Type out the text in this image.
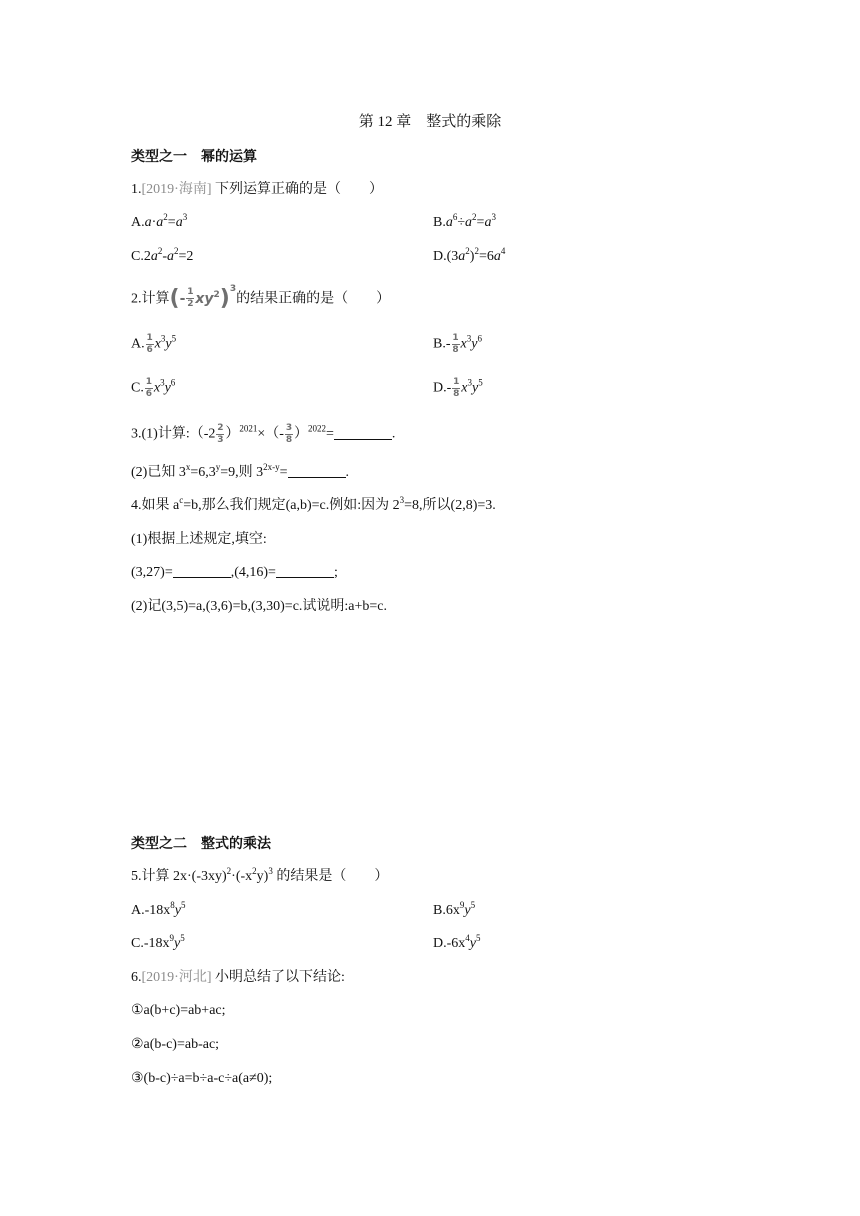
第 12 章　整式的乘除
类型之一　幂的运算
1.[2019·海南] 下列运算正确的是（　　）
$A.a\cdot a^2=a^3$	$B.a^6\div a^2=a^3$
$C.2a^2-a^2=2$	$D.(3a^2)^2=6a^4$
2.计算(- $\frac{1}{2} xy^2)^3$的结果正确的是（　　）
A. $\frac{1}{6} x^3y^5$	$B.- \frac{1}{8} x^3y^6$
C. $\frac{1}{6} x^3y^6$	$D.- \frac{1}{8} x^3y^5$
3.(1)计算:（-2 $\frac{2}{3} )^{2021}\times(- \frac{3}{8} )^{2022}=$	.
(2)已知 $3^x=6,3^y=9$,则 $3^{2x-y}=$	.
4.如果 $a^c=b$,那么我们规定(a,b)=c.例如:因为 $2^3=8$,所以(2,8)=3.
(1)根据上述规定,填空:
(3,27)=	,(4,16)=	;
(2)记(3,5)=a,(3,6)=b,(3,30)=c.试说明:a+b=c.
类型之二　整式的乘法
5.计算 $2x\cdot(-3xy)^2\cdot(-x^2y)^3$ 的结果是（　　）
$A.-18x^8y^5$	$B.6x^9y^5$
$C.-18x^9y^5$	$D.-6x^4y^5$
6.[2019·河北] 小明总结了以下结论:
①a(b+c)=ab+ac;
②a(b-c)=ab-ac;
③(b-c)÷a=b÷a-c÷a(a≠0);
